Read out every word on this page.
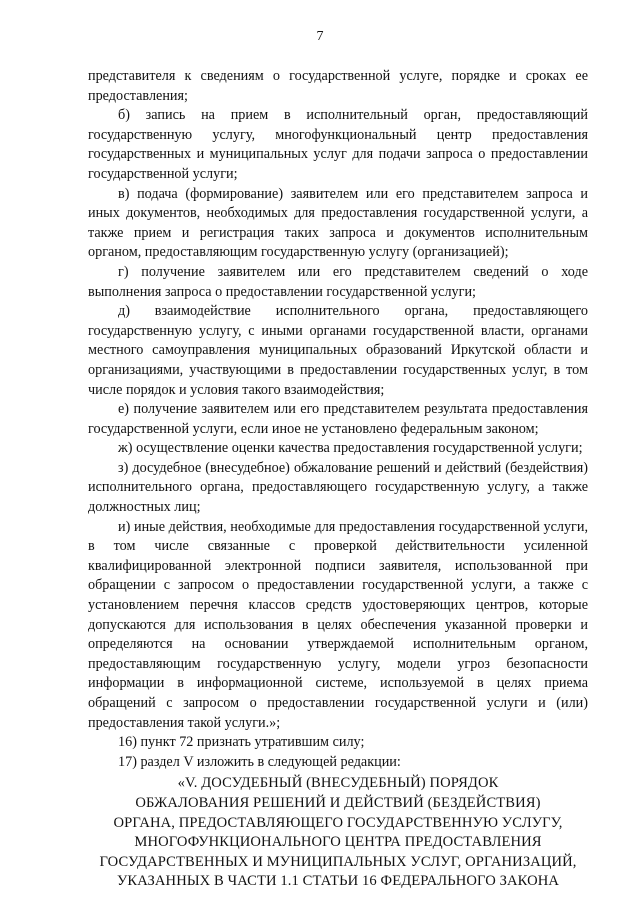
7

представителя к сведениям о государственной услуге, порядке и сроках ее предоставления;

б) запись на прием в исполнительный орган, предоставляющий государственную услугу, многофункциональный центр предоставления государственных и муниципальных услуг для подачи запроса о предоставлении государственной услуги;

в) подача (формирование) заявителем или его представителем запроса и иных документов, необходимых для предоставления государственной услуги, а также прием и регистрация таких запроса и документов исполнительным органом, предоставляющим государственную услугу (организацией);

г) получение заявителем или его представителем сведений о ходе выполнения запроса о предоставлении государственной услуги;

д) взаимодействие исполнительного органа, предоставляющего государственную услугу, с иными органами государственной власти, органами местного самоуправления муниципальных образований Иркутской области и организациями, участвующими в предоставлении государственных услуг, в том числе порядок и условия такого взаимодействия;

е) получение заявителем или его представителем результата предоставления государственной услуги, если иное не установлено федеральным законом;

ж) осуществление оценки качества предоставления государственной услуги;

з) досудебное (внесудебное) обжалование решений и действий (бездействия) исполнительного органа, предоставляющего государственную услугу, а также должностных лиц;

и) иные действия, необходимые для предоставления государственной услуги, в том числе связанные с проверкой действительности усиленной квалифицированной электронной подписи заявителя, использованной при обращении с запросом о предоставлении государственной услуги, а также с установлением перечня классов средств удостоверяющих центров, которые допускаются для использования в целях обеспечения указанной проверки и определяются на основании утверждаемой исполнительным органом, предоставляющим государственную услугу, модели угроз безопасности информации в информационной системе, используемой в целях приема обращений с запросом о предоставлении государственной услуги и (или) предоставления такой услуги.»;

16) пункт 72 признать утратившим силу;

17) раздел V изложить в следующей редакции:

«V. ДОСУДЕБНЫЙ (ВНЕСУДЕБНЫЙ) ПОРЯДОК
ОБЖАЛОВАНИЯ РЕШЕНИЙ И ДЕЙСТВИЙ (БЕЗДЕЙСТВИЯ)
ОРГАНА, ПРЕДОСТАВЛЯЮЩЕГО ГОСУДАРСТВЕННУЮ УСЛУГУ,
МНОГОФУНКЦИОНАЛЬНОГО ЦЕНТРА ПРЕДОСТАВЛЕНИЯ
ГОСУДАРСТВЕННЫХ И МУНИЦИПАЛЬНЫХ УСЛУГ, ОРГАНИЗАЦИЙ,
УКАЗАННЫХ В ЧАСТИ 1.1 СТАТЬИ 16 ФЕДЕРАЛЬНОГО ЗАКОНА
